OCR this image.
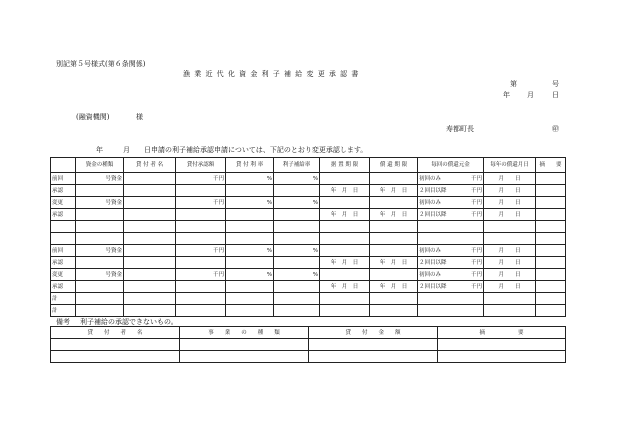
別記第５号様式(第６条関係)
漁 業 近 代 化 資 金 利 子 補 給 変 更 承 認 書
第	号
年 月	日
(融資機関)	様
寿都町長	㊞
年	月 日申請の利子補給承認申請については、下記のとおり変更承認します。
	資金の種類	貸 付 者 名	貸付承認額	貸 付 利 率	利子補給率	据 置 期 限	償 還 期 限	毎回の償還元金	毎年の償還月日	摘　　要
前回	号資金		千円	%	%			初回のみ 千円	月　　日	
承認						年　月　日	年　月　日	２回目以降 千円	月　　日	
変更	号資金		千円	%	%			初回のみ 千円	月　　日	
承認						年　月　日	年　月　日	２回目以降 千円	月　　日	

前回	号資金		千円	%	%			初回のみ 千円	月　　日	
承認						年　月　日	年　月　日	２回目以降 千円	月　　日	
変更	号資金		千円	%	%			初回のみ 千円	月　　日	
承認						年　月　日	年　月　日	２回目以降 千円	月　　日	
計										
計										
備考 利子補給の承認できないもの。
貸　　付　　者　　名	事　　業　　の　　種　　類	貸　　付　　金　　額	摘　　　　　　要
